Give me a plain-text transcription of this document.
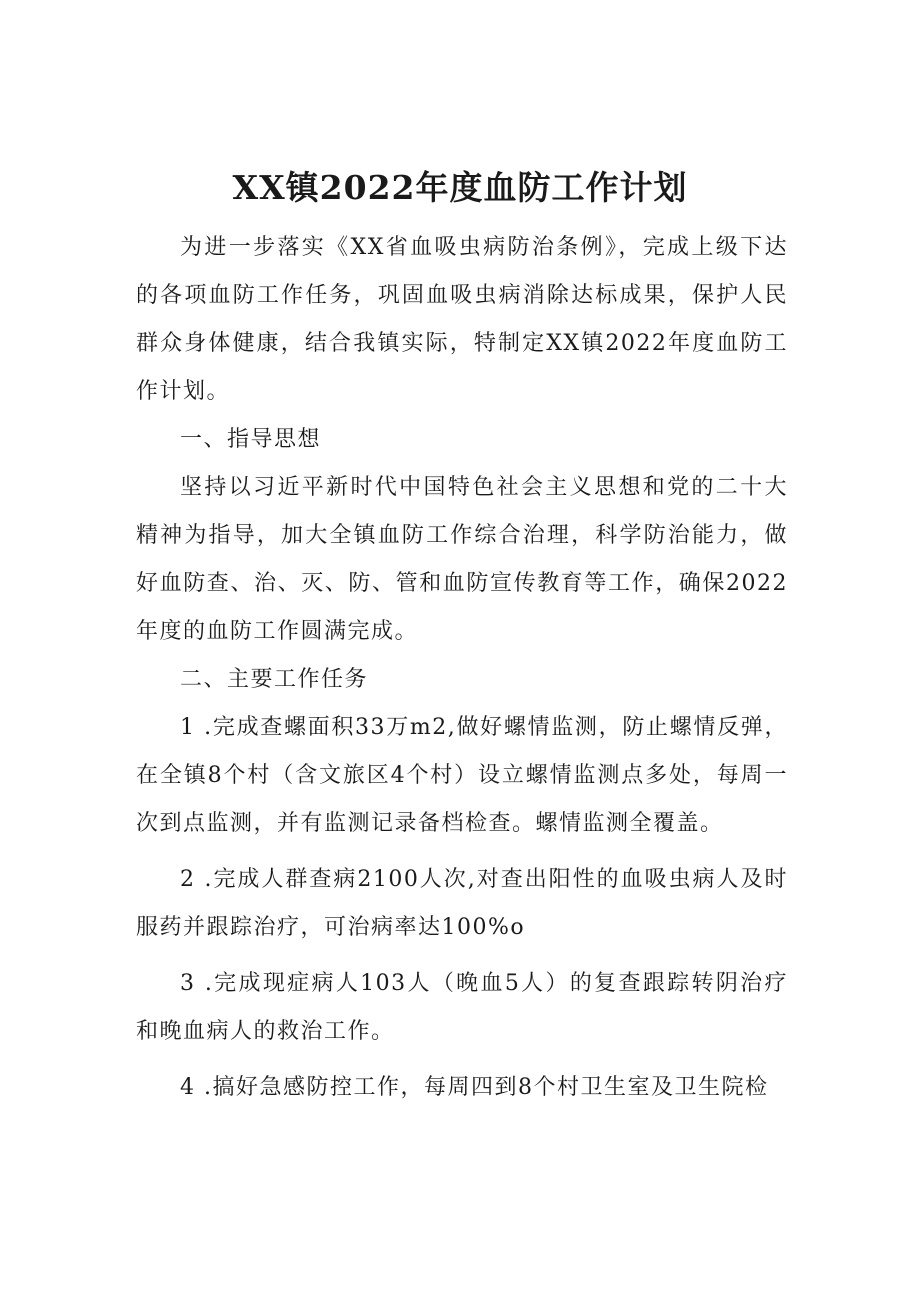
XX镇2022年度血防工作计划

为进一步落实《XX省血吸虫病防治条例》，完成上级下达的各项血防工作任务，巩固血吸虫病消除达标成果，保护人民群众身体健康，结合我镇实际，特制定XX镇2022年度血防工作计划。

一、指导思想

坚持以习近平新时代中国特色社会主义思想和党的二十大精神为指导，加大全镇血防工作综合治理，科学防治能力，做好血防查、治、灭、防、管和血防宣传教育等工作，确保2022年度的血防工作圆满完成。

二、主要工作任务

1 .完成查螺面积33万m2,做好螺情监测，防止螺情反弹，在全镇8个村（含文旅区4个村）设立螺情监测点多处，每周一次到点监测，并有监测记录备档检查。螺情监测全覆盖。

2 .完成人群查病2100人次,对查出阳性的血吸虫病人及时服药并跟踪治疗，可治病率达100%o

3 .完成现症病人103人（晚血5人）的复查跟踪转阴治疗和晚血病人的救治工作。

4 .搞好急感防控工作，每周四到8个村卫生室及卫生院检
